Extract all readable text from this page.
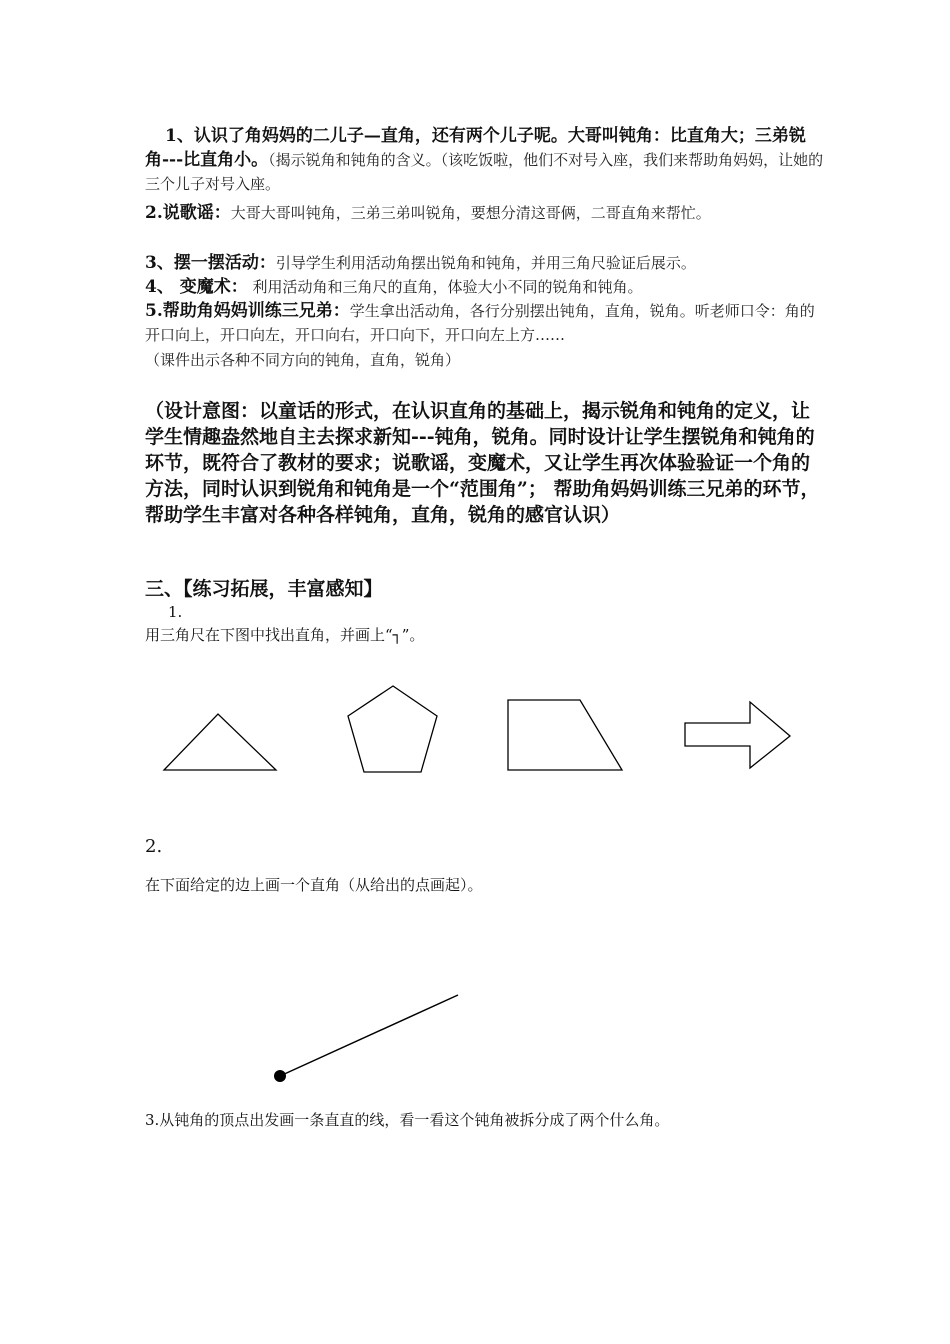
1、认识了角妈妈的二儿子—直角，还有两个儿子呢。大哥叫钝角：比直角大；三弟锐角---比直角小。（揭示锐角和钝角的含义。（该吃饭啦，他们不对号入座，我们来帮助角妈妈，让她的三个儿子对号入座。
2.说歌谣：大哥大哥叫钝角，三弟三弟叫锐角，要想分清这哥俩，二哥直角来帮忙。
3、摆一摆活动：引导学生利用活动角摆出锐角和钝角，并用三角尺验证后展示。
4、 变魔术： 利用活动角和三角尺的直角，体验大小不同的锐角和钝角。
5.帮助角妈妈训练三兄弟：学生拿出活动角，各行分别摆出钝角，直角，锐角。听老师口令：角的开口向上，开口向左，开口向右，开口向下，开口向左上方……
（课件出示各种不同方向的钝角，直角，锐角）
（设计意图：以童话的形式，在认识直角的基础上，揭示锐角和钝角的定义，让学生情趣盎然地自主去探求新知---钝角，锐角。同时设计让学生摆锐角和钝角的环节，既符合了教材的要求；说歌谣，变魔术，又让学生再次体验验证一个角的方法，同时认识到锐角和钝角是一个“范围角”； 帮助角妈妈训练三兄弟的环节，帮助学生丰富对各种各样钝角，直角，锐角的感官认识）
三、【练习拓展，丰富感知】
1.
用三角尺在下图中找出直角，并画上“┐”。
2.
在下面给定的边上画一个直角（从给出的点画起）。
3.从钝角的顶点出发画一条直直的线，看一看这个钝角被拆分成了两个什么角。
